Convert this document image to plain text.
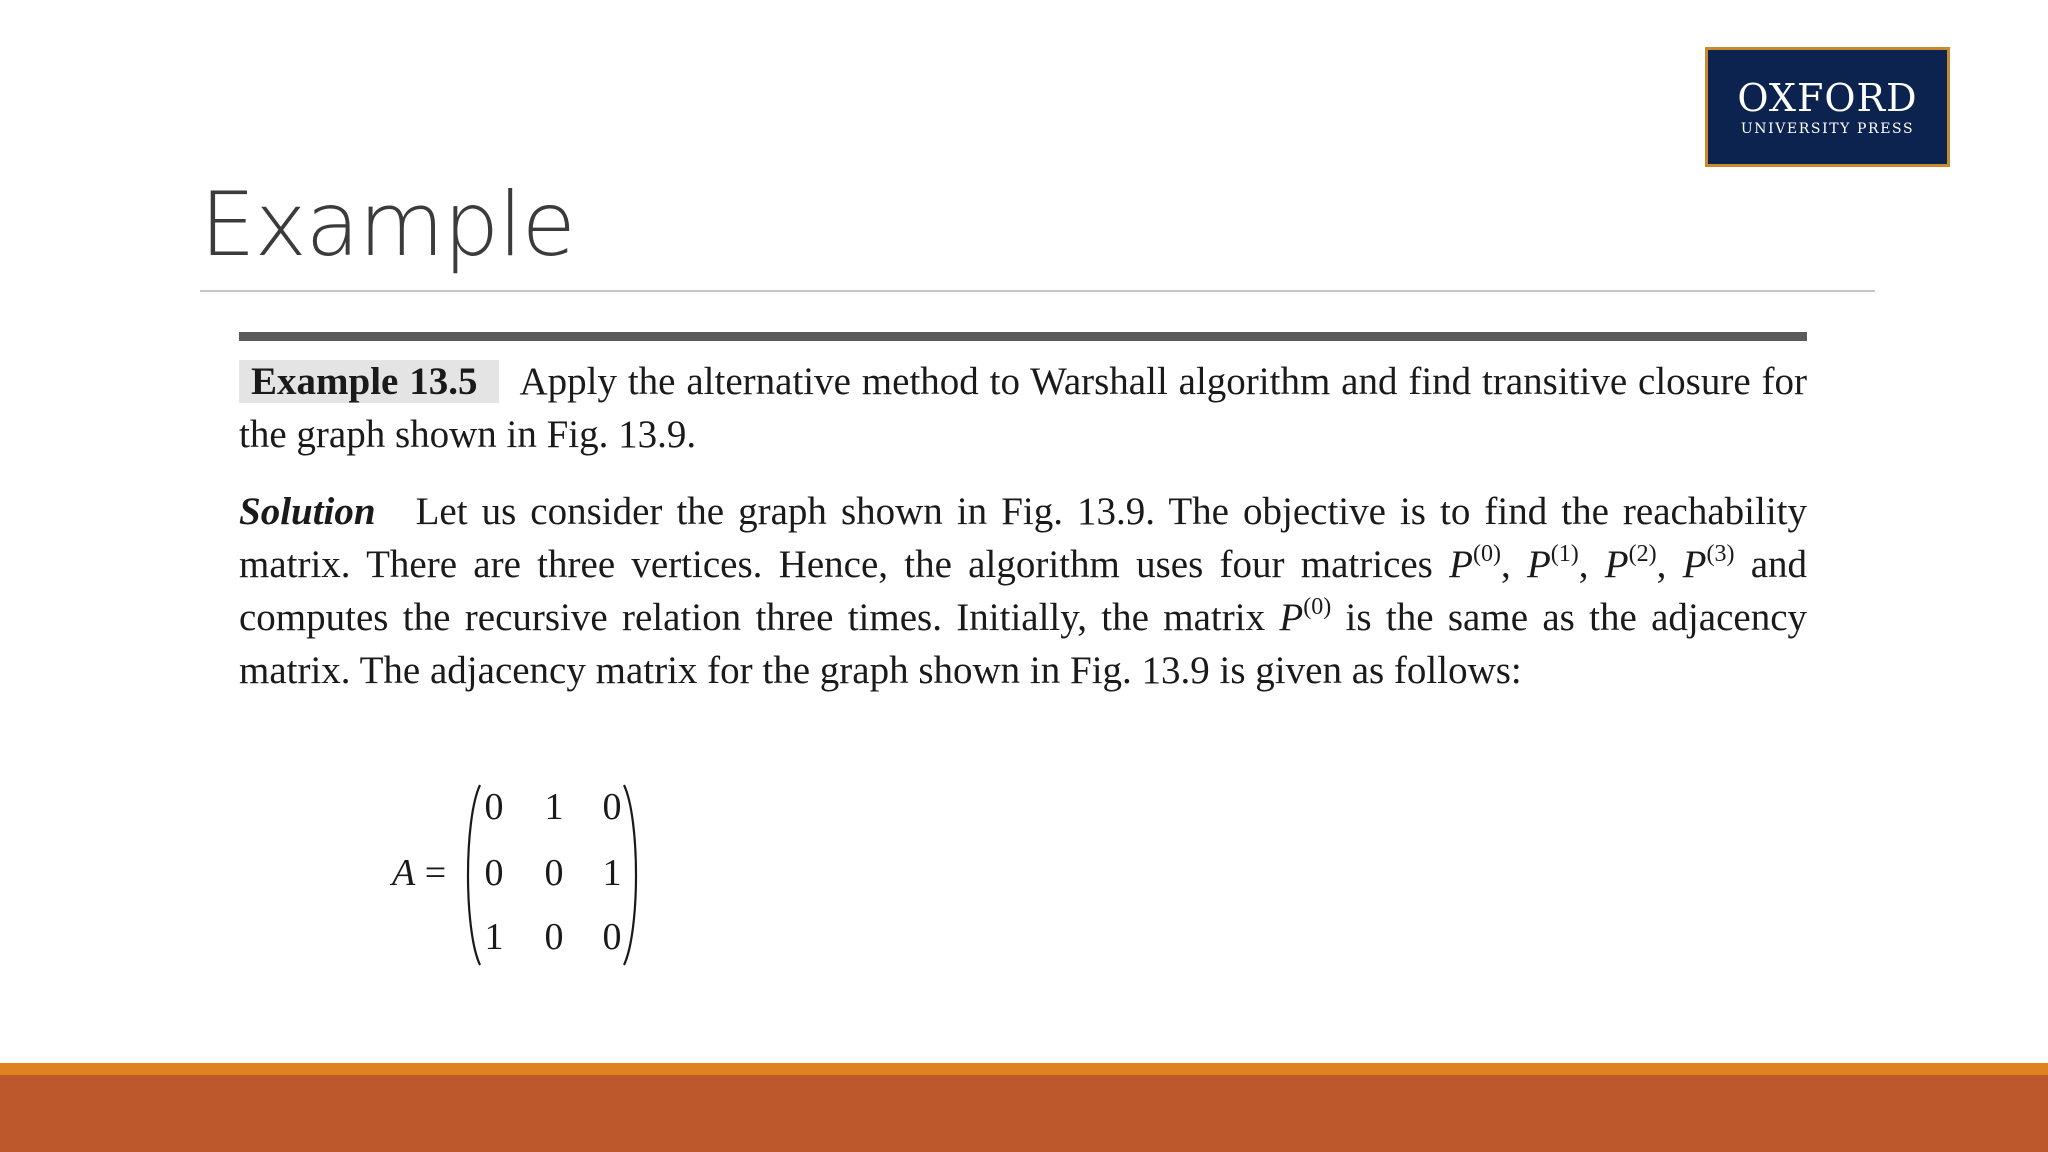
OXFORD
UNIVERSITY PRESS
Example
Example 13.5 Apply the alternative method to Warshall algorithm and find transitive closure for the graph shown in Fig. 13.9.
Solution Let us consider the graph shown in Fig. 13.9. The objective is to find the reachability matrix. There are three vertices. Hence, the algorithm uses four matrices $P^{(0)}$, $P^{(1)}$, $P^{(2)}$, $P^{(3)}$ and computes the recursive relation three times. Initially, the matrix $P^{(0)}$ is the same as the adjacency matrix. The adjacency matrix for the graph shown in Fig. 13.9 is given as follows:
A =
0 1 0
0 0 1
1 0 0
